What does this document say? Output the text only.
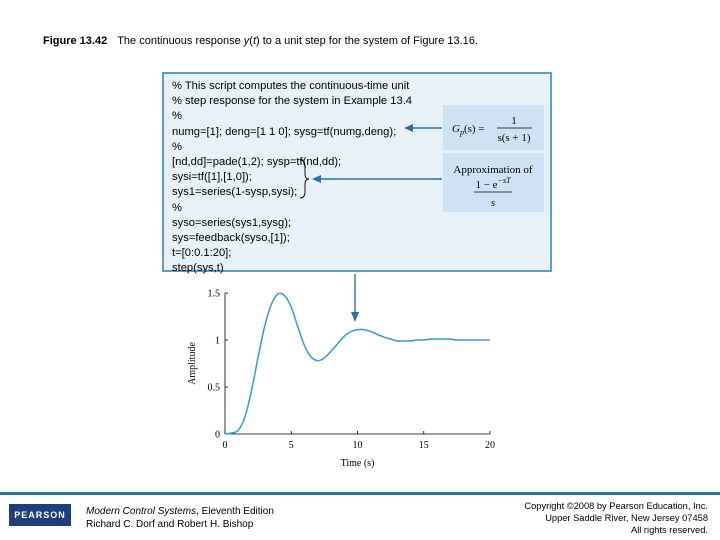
Figure 13.42 The continuous response y(t) to a unit step for the system of Figure 13.16.
% This script computes the continuous-time unit
% step response for the system in Example 13.4
%
numg=[1]; deng=[1 1 0]; sysg=tf(numg,deng);
%
[nd,dd]=pade(1,2); sysp=tf(nd,dd);
sysi=tf([1],[1,0]);
sys1=series(1-sysp,sysi);
%
syso=series(sys1,sysg);
sys=feedback(syso,[1]);
t=[0:0.1:20];
step(sys,t)
$G_p(s)$ =
1
s(s + 1)
Approximation of
$1 - e^{-sT}$
s
0	5	10	15	20
0
0.5
1
1.5
Time (s)
Amplitude
PEARSON	Modern Control Systems, Eleventh Edition
Richard C. Dorf and Robert H. Bishop
Copyright ©2008 by Pearson Education, Inc.
Upper Saddle River, New Jersey 07458
All rights reserved.
